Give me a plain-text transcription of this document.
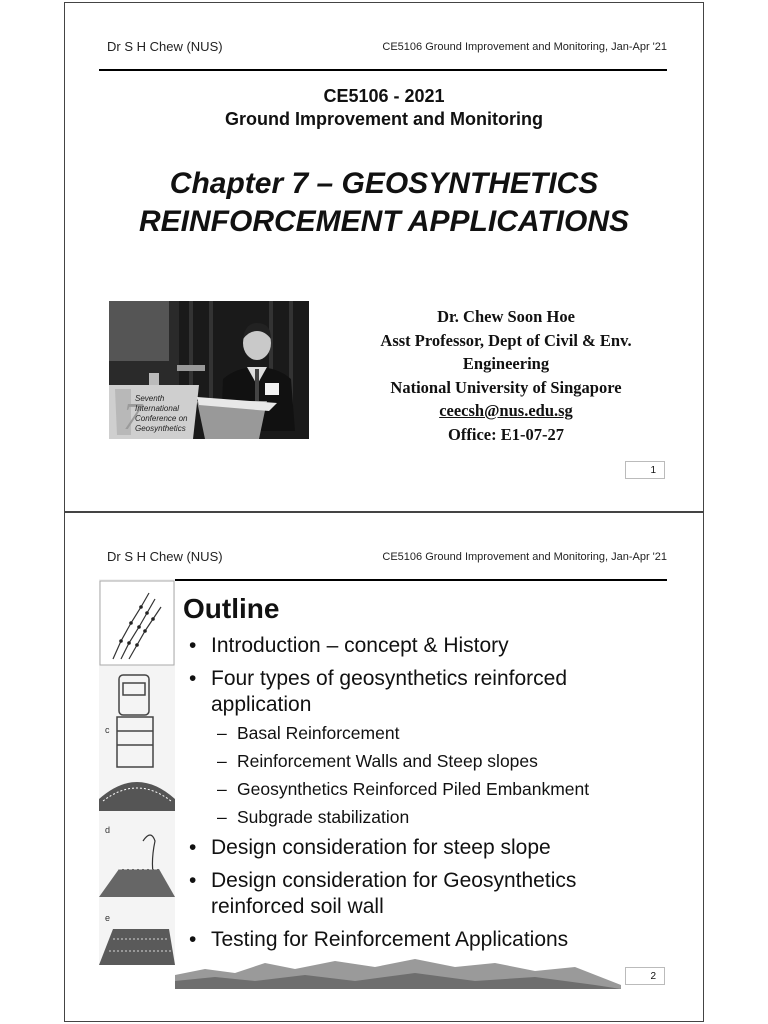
Dr S H Chew (NUS)	CE5106 Ground Improvement and Monitoring, Jan-Apr '21
CE5106 - 2021
Ground Improvement and Monitoring
Chapter 7 – GEOSYNTHETICS
REINFORCEMENT APPLICATIONS
7
Seventh
International
Conference on
Geosynthetics
Dr. Chew Soon Hoe
Asst Professor, Dept of Civil & Env.
Engineering
National University of Singapore
ceecsh@nus.edu.sg
Office: E1-07-27
1
Dr S H Chew (NUS)	CE5106 Ground Improvement and Monitoring, Jan-Apr '21
c
d
e
Outline
• Introduction – concept & History
• Four types of geosynthetics reinforced application
– Basal Reinforcement
– Reinforcement Walls and Steep slopes
– Geosynthetics Reinforced Piled Embankment
– Subgrade stabilization
• Design consideration for steep slope
• Design consideration for Geosynthetics reinforced soil wall
• Testing for Reinforcement Applications
2
